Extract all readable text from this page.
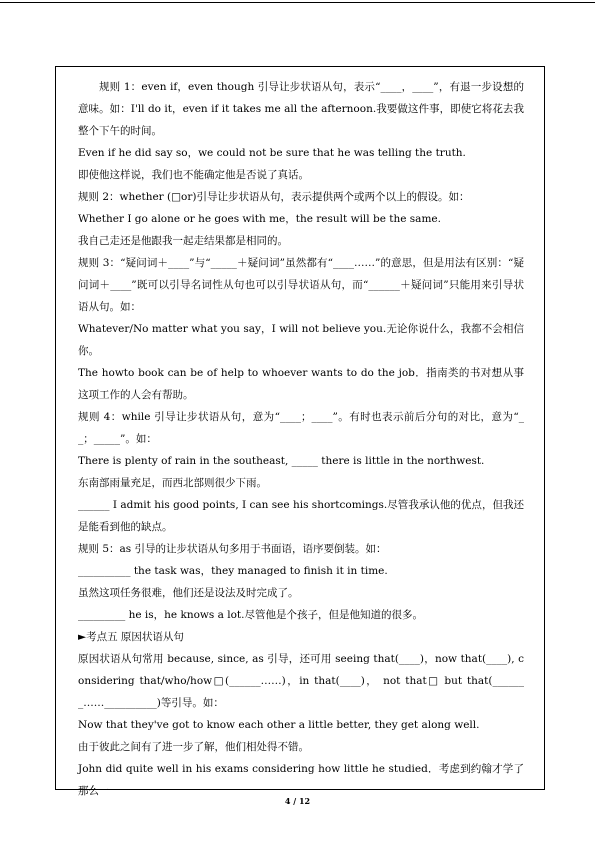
规则 1：even if，even though 引导让步状语从句，表示“____，____”，有退一步设想的意味。如：I'll do it，even if it takes me all the afternoon.我要做这件事，即使它将花去我整个下午的时间。

Even if he did say so，we could not be sure that he was telling the truth.

即使他这样说，我们也不能确定他是否说了真话。

规则 2：whether (□or)引导让步状语从句，表示提供两个或两个以上的假设。如：

Whether I go alone or he goes with me，the result will be the same.

我自己走还是他跟我一起走结果都是相同的。

规则 3：“疑问词＋____”与“_____＋疑问词”虽然都有“____……”的意思，但是用法有区别：“疑问词＋____”既可以引导名词性从句也可以引导状语从句，而“______＋疑问词”只能用来引导状语从句。如：

Whatever/No matter what you say，I will not believe you.无论你说什么，我都不会相信你。

The howto book can be of help to whoever wants to do the job．指南类的书对想从事这项工作的人会有帮助。

规则 4：while 引导让步状语从句，意为“____；____”。有时也表示前后分句的对比，意为“__；_____”。如：

There is plenty of rain in the southeast, _____ there is little in the northwest.

东南部雨量充足，而西北部则很少下雨。

______ I admit his good points, I can see his shortcomings.尽管我承认他的优点，但我还是能看到他的缺点。

规则 5：as 引导的让步状语从句多用于书面语，语序要倒装。如：

__________ the task was，they managed to finish it in time.

虽然这项任务很难，他们还是设法及时完成了。

_________ he is，he knows a lot.尽管他是个孩子，但是他知道的很多。

►考点五 原因状语从句

原因状语从句常用 because, since, as 引导，还可用 seeing that(____)，now that(____), considering that/who/how□(______……)，in that(____)， not that□ but that(_______……__________)等引导。如：

Now that they've got to know each other a little better, they get along well.

由于彼此之间有了进一步了解，他们相处得不错。

John did quite well in his exams considering how little he studied．考虑到约翰才学了那么一

4 / 12
